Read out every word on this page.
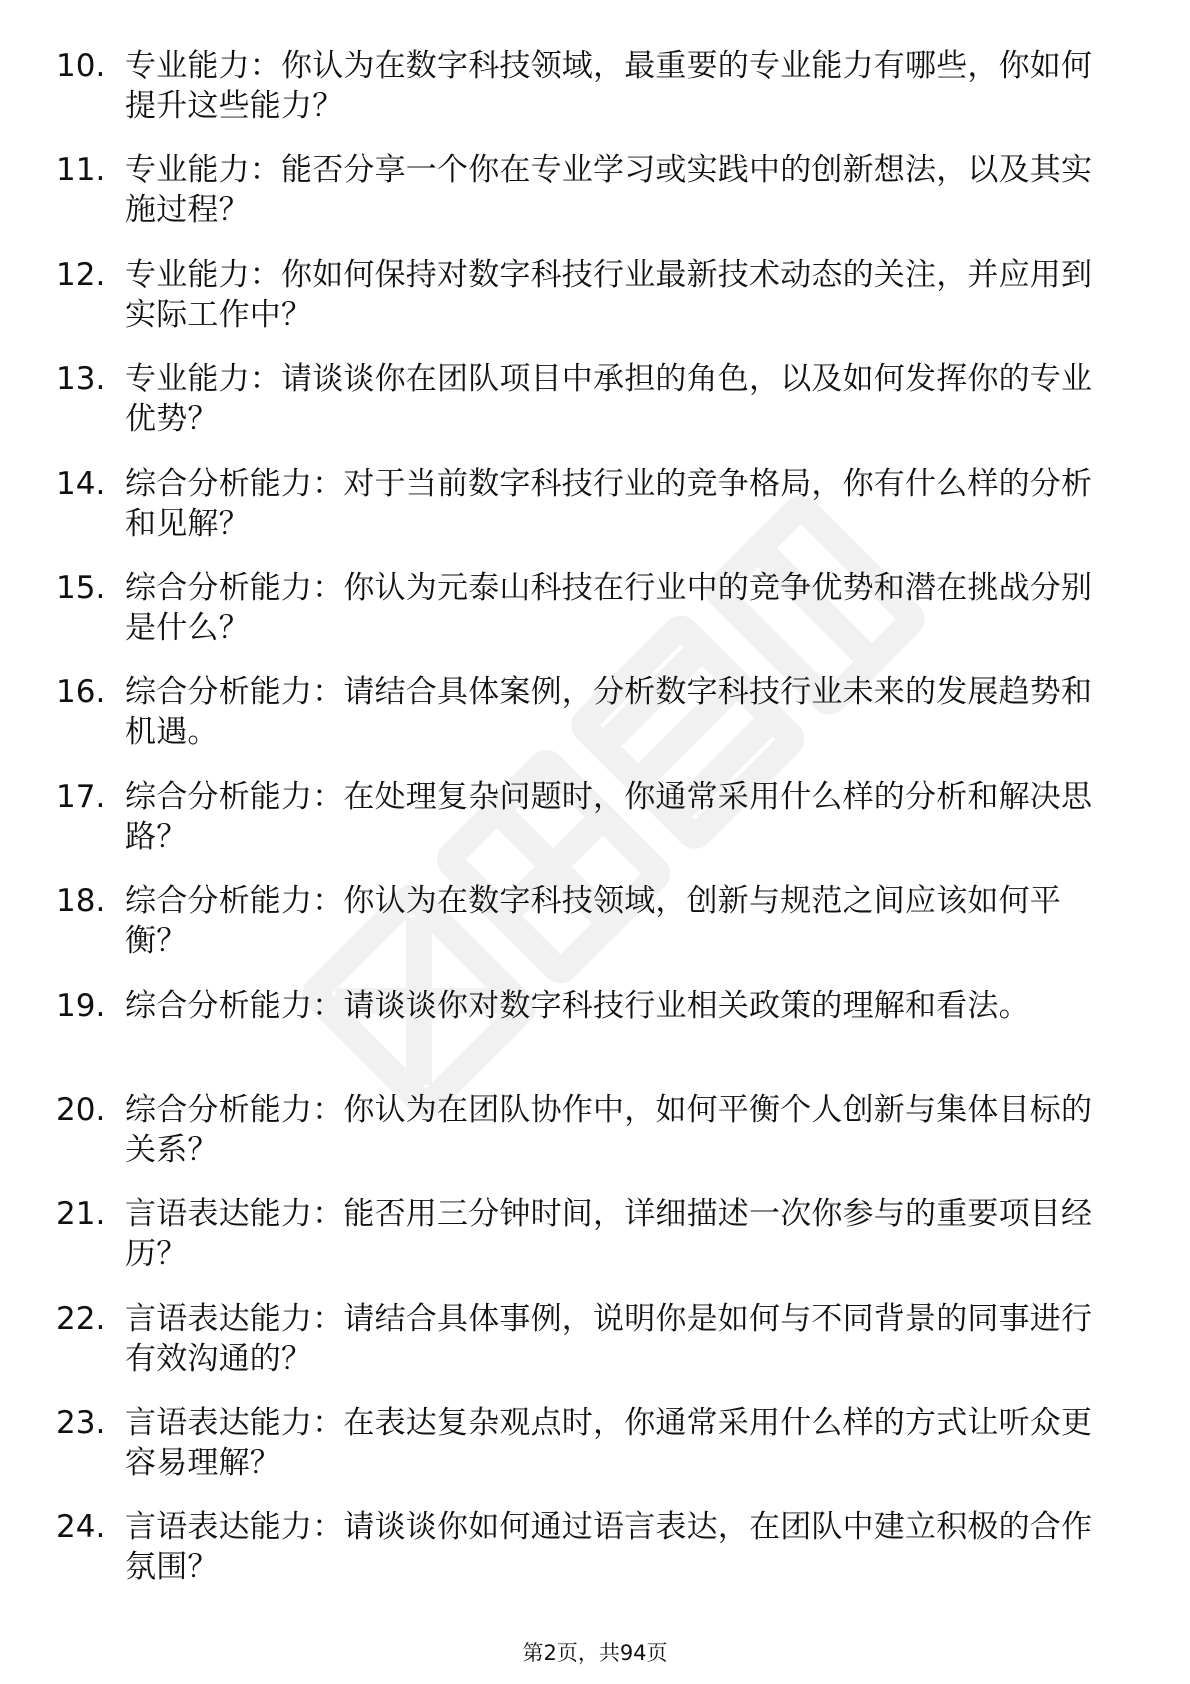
10. 专业能力：你认为在数字科技领域，最重要的专业能力有哪些，你如何提升这些能力？
11. 专业能力：能否分享一个你在专业学习或实践中的创新想法，以及其实施过程？
12. 专业能力：你如何保持对数字科技行业最新技术动态的关注，并应用到实际工作中？
13. 专业能力：请谈谈你在团队项目中承担的角色，以及如何发挥你的专业优势？
14. 综合分析能力：对于当前数字科技行业的竞争格局，你有什么样的分析和见解？
15. 综合分析能力：你认为元泰山科技在行业中的竞争优势和潜在挑战分别是什么？
16. 综合分析能力：请结合具体案例，分析数字科技行业未来的发展趋势和机遇。
17. 综合分析能力：在处理复杂问题时，你通常采用什么样的分析和解决思路？
18. 综合分析能力：你认为在数字科技领域，创新与规范之间应该如何平衡？
19. 综合分析能力：请谈谈你对数字科技行业相关政策的理解和看法。
20. 综合分析能力：你认为在团队协作中，如何平衡个人创新与集体目标的关系？
21. 言语表达能力：能否用三分钟时间，详细描述一次你参与的重要项目经历？
22. 言语表达能力：请结合具体事例，说明你是如何与不同背景的同事进行有效沟通的？
23. 言语表达能力：在表达复杂观点时，你通常采用什么样的方式让听众更容易理解？
24. 言语表达能力：请谈谈你如何通过语言表达，在团队中建立积极的合作氛围？
第2页，共94页
